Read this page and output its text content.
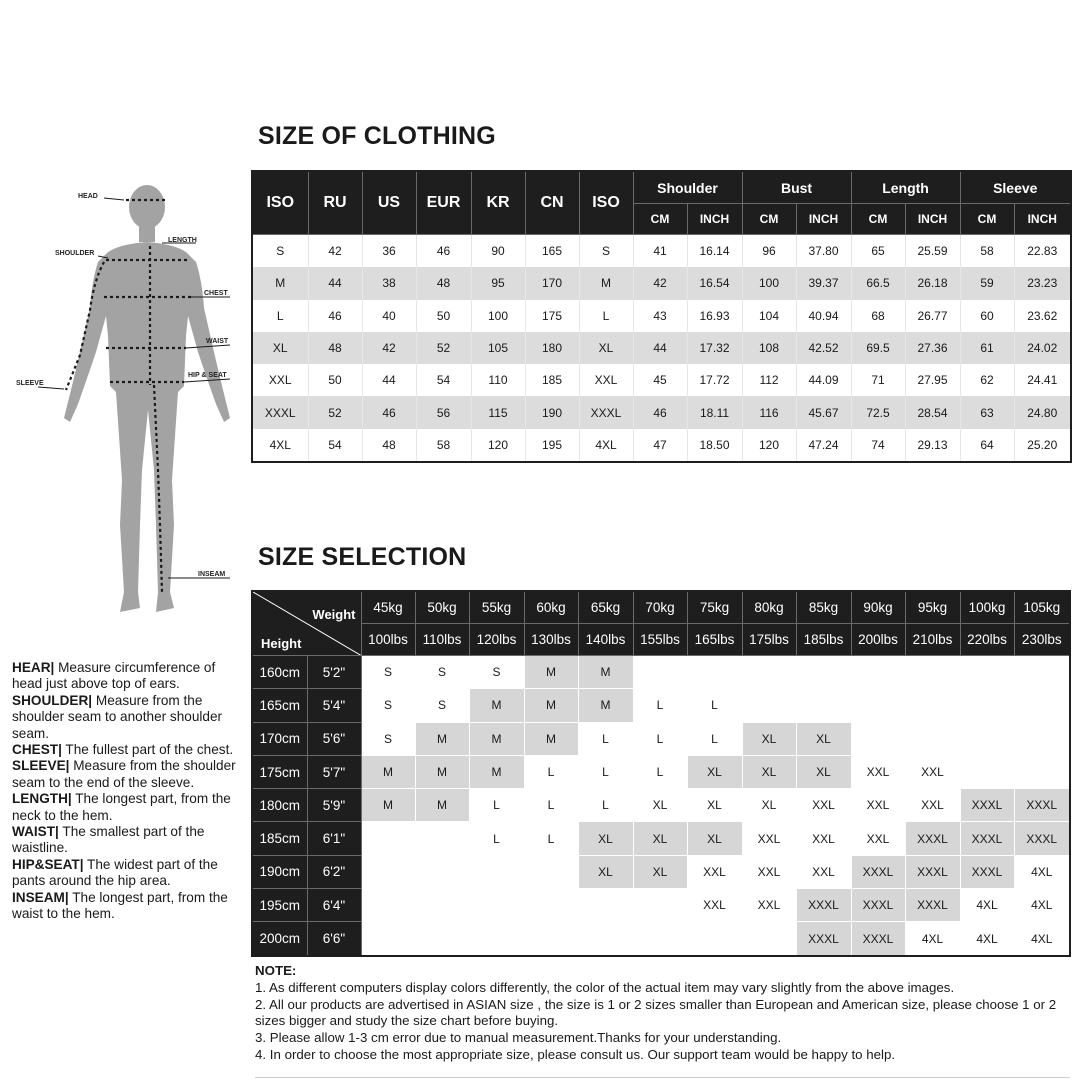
HEAD
LENGTH
SHOULDER
CHEST
WAIST
HIP & SEAT
SLEEVE
INSEAM

HEAR| Measure circumference of head just above top of ears.

SHOULDER| Measure from the shoulder seam to another shoulder seam.

CHEST| The fullest part of the chest.

SLEEVE| Measure from the shoulder seam to the end of the sleeve.

LENGTH| The longest part, from the neck to the hem.

WAIST| The smallest part of the waistline.

HIP&SEAT| The widest part of the pants around the hip area.

INSEAM| The longest part, from the waist to the hem.

SIZE OF CLOTHING
ISO	RU	US	EUR	KR	CN	ISO	Shoulder		Bust		Length		Sleeve	
							CM	INCH	CM	INCH	CM	INCH	CM	INCH
S	42	36	46	90	165	S	41	16.14	96	37.80	65	25.59	58	22.83
M	44	38	48	95	170	M	42	16.54	100	39.37	66.5	26.18	59	23.23
L	46	40	50	100	175	L	43	16.93	104	40.94	68	26.77	60	23.62
XL	48	42	52	105	180	XL	44	17.32	108	42.52	69.5	27.36	61	24.02
XXL	50	44	54	110	185	XXL	45	17.72	112	44.09	71	27.95	62	24.41
XXXL	52	46	56	115	190	XXXL	46	18.11	116	45.67	72.5	28.54	63	24.80
4XL	54	48	58	120	195	4XL	47	18.50	120	47.24	74	29.13	64	25.20
SIZE SELECTION
Weight
Height		45kg	50kg	55kg	60kg	65kg	70kg	75kg	80kg	85kg	90kg	95kg	100kg	105kg
		100lbs	110lbs	120lbs	130lbs	140lbs	155lbs	165lbs	175lbs	185lbs	200lbs	210lbs	220lbs	230lbs
160cm	5'2"	S	S	S	M	M								
165cm	5'4"	S	S	M	M	M	L	L						
170cm	5'6"	S	M	M	M	L	L	L	XL	XL				
175cm	5'7"	M	M	M	L	L	L	XL	XL	XL	XXL	XXL		
180cm	5'9"	M	M	L	L	L	XL	XL	XL	XXL	XXL	XXL	XXXL	XXXL
185cm	6'1"			L	L	XL	XL	XL	XXL	XXL	XXL	XXXL	XXXL	XXXL
190cm	6'2"					XL	XL	XXL	XXL	XXL	XXXL	XXXL	XXXL	4XL
195cm	6'4"							XXL	XXL	XXXL	XXXL	XXXL	4XL	4XL
200cm	6'6"									XXXL	XXXL	4XL	4XL	4XL

NOTE:

1. As different computers display colors differently, the color of the actual item may vary slightly from the above images.

2. All our products are advertised in ASIAN size , the size is 1 or 2 sizes smaller than European and American size, please choose 1 or 2 sizes bigger and study the size chart before buying.

3. Please allow 1-3 cm error due to manual measurement.Thanks for your understanding.

4. In order to choose the most appropriate size, please consult us. Our support team would be happy to help.
